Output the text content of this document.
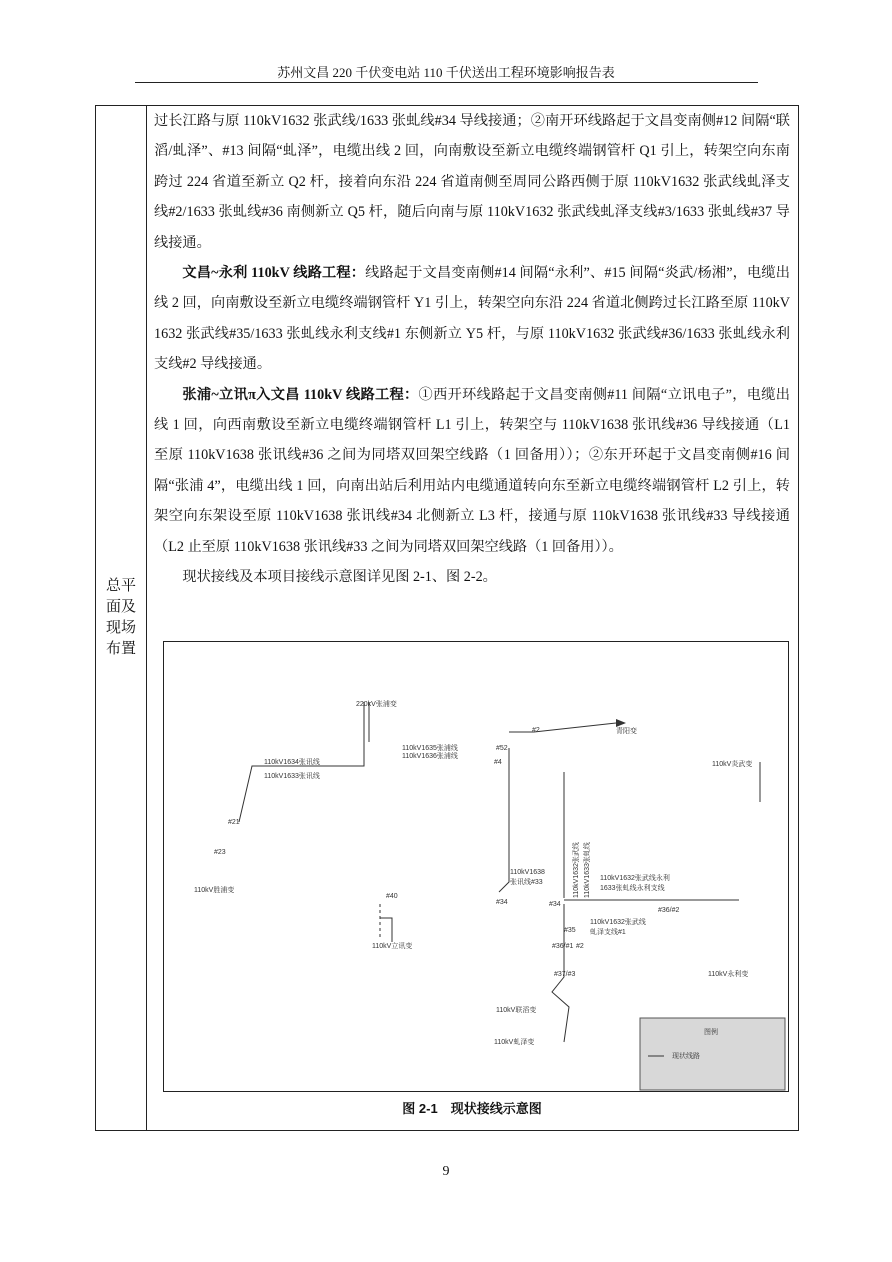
苏州文昌 220 千伏变电站 110 千伏送出工程环境影响报告表
总平
面及
现场
布置

过长江路与原 110kV1632 张武线/1633 张虬线#34 导线接通；②南开环线路起于文昌变南侧#12 间隔“联滔/虬泽”、#13 间隔“虬泽”，电缆出线 2 回，向南敷设至新立电缆终端钢管杆 Q1 引上，转架空向东南跨过 224 省道至新立 Q2 杆，接着向东沿 224 省道南侧至周同公路西侧于原 110kV1632 张武线虬泽支线#2/1633 张虬线#36 南侧新立 Q5 杆，随后向南与原 110kV1632 张武线虬泽支线#3/1633 张虬线#37 导线接通。

文昌~永利 110kV 线路工程：线路起于文昌变南侧#14 间隔“永利”、#15 间隔“炎武/杨湘”，电缆出线 2 回，向南敷设至新立电缆终端钢管杆 Y1 引上，转架空向东沿 224 省道北侧跨过长江路至原 110kV1632 张武线#35/1633 张虬线永利支线#1 东侧新立 Y5 杆，与原 110kV1632 张武线#36/1633 张虬线永利支线#2 导线接通。

张浦~立讯π入文昌 110kV 线路工程：①西开环线路起于文昌变南侧#11 间隔“立讯电子”，电缆出线 1 回，向西南敷设至新立电缆终端钢管杆 L1 引上，转架空与 110kV1638 张讯线#36 导线接通（L1 至原 110kV1638 张讯线#36 之间为同塔双回架空线路（1 回备用））；②东开环起于文昌变南侧#16 间隔“张浦 4”，电缆出线 1 回，向南出站后利用站内电缆通道转向东至新立电缆终端钢管杆 L2 引上，转架空向东架设至原 110kV1638 张讯线#34 北侧新立 L3 杆，接通与原 110kV1638 张讯线#33 导线接通（L2 止至原 110kV1638 张讯线#33 之间为同塔双回架空线路（1 回备用））。

现状接线及本项目接线示意图详见图 2-1、图 2-2。

220kV张浦变
110kV1635张浦线
110kV1636张浦线
110kV1634张讯线
110kV1633张讯线
#21
#23
110kV胜浦变
#52
#4
#2	青阳变
110kV1638
张讯线#33
#34
#40
110kV立讯变
110kV炎武变
110kV1632张武线 110kV1633张虬线 110kV1632张武线永利
1633张虬线永利支线
#34
#36/#2
#35
110kV1632张武线
虬泽支线#1
#36/#1 #2
#37/#3	110kV永利变
110kV联滔变
110kV虬泽变
图例
现状线路
图 2-1　现状接线示意图
9
